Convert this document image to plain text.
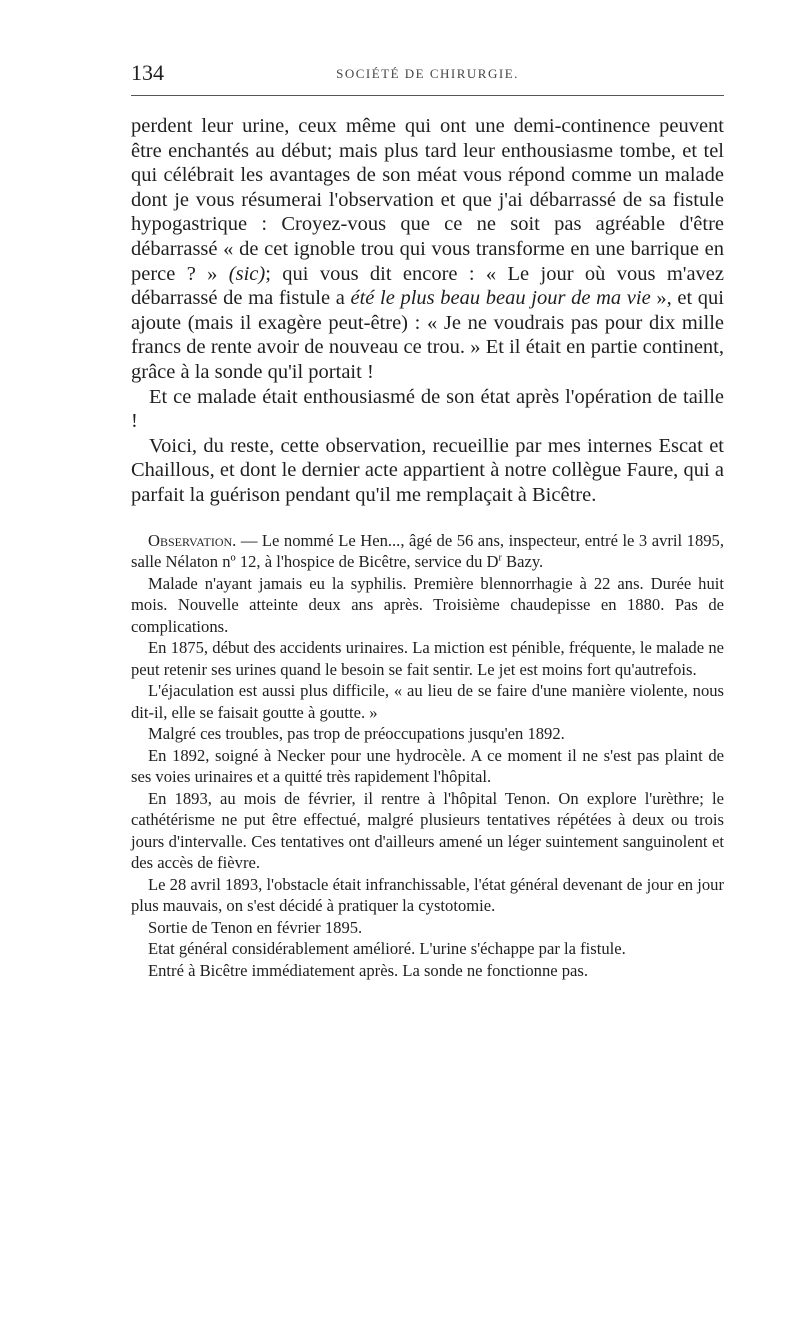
134	SOCIÉTÉ DE CHIRURGIE.

perdent leur urine, ceux même qui ont une demi-continence peuvent être enchantés au début; mais plus tard leur enthousiasme tombe, et tel qui célébrait les avantages de son méat vous répond comme un malade dont je vous résumerai l'observation et que j'ai débarrassé de sa fistule hypogastrique : Croyez-vous que ce ne soit pas agréable d'être débarrassé « de cet ignoble trou qui vous transforme en une barrique en perce ? » (sic); qui vous dit encore : « Le jour où vous m'avez débarrassé de ma fistule a été le plus beau beau jour de ma vie », et qui ajoute (mais il exagère peut-être) : « Je ne voudrais pas pour dix mille francs de rente avoir de nouveau ce trou. » Et il était en partie continent, grâce à la sonde qu'il portait !

Et ce malade était enthousiasmé de son état après l'opération de taille !

Voici, du reste, cette observation, recueillie par mes internes Escat et Chaillous, et dont le dernier acte appartient à notre collègue Faure, qui a parfait la guérison pendant qu'il me remplaçait à Bicêtre.

Observation. — Le nommé Le Hen..., âgé de 56 ans, inspecteur, entré le 3 avril 1895, salle Nélaton nº 12, à l'hospice de Bicêtre, service du $D^r$ Bazy.

Malade n'ayant jamais eu la syphilis. Première blennorrhagie à 22 ans. Durée huit mois. Nouvelle atteinte deux ans après. Troisième chaudepisse en 1880. Pas de complications.

En 1875, début des accidents urinaires. La miction est pénible, fréquente, le malade ne peut retenir ses urines quand le besoin se fait sentir. Le jet est moins fort qu'autrefois.

L'éjaculation est aussi plus difficile, « au lieu de se faire d'une manière violente, nous dit-il, elle se faisait goutte à goutte. »

Malgré ces troubles, pas trop de préoccupations jusqu'en 1892.

En 1892, soigné à Necker pour une hydrocèle. A ce moment il ne s'est pas plaint de ses voies urinaires et a quitté très rapidement l'hôpital.

En 1893, au mois de février, il rentre à l'hôpital Tenon. On explore l'urèthre; le cathétérisme ne put être effectué, malgré plusieurs tentatives répétées à deux ou trois jours d'intervalle. Ces tentatives ont d'ailleurs amené un léger suintement sanguinolent et des accès de fièvre.

Le 28 avril 1893, l'obstacle était infranchissable, l'état général devenant de jour en jour plus mauvais, on s'est décidé à pratiquer la cystotomie.

Sortie de Tenon en février 1895.

Etat général considérablement amélioré. L'urine s'échappe par la fistule.

Entré à Bicêtre immédiatement après. La sonde ne fonctionne pas.
